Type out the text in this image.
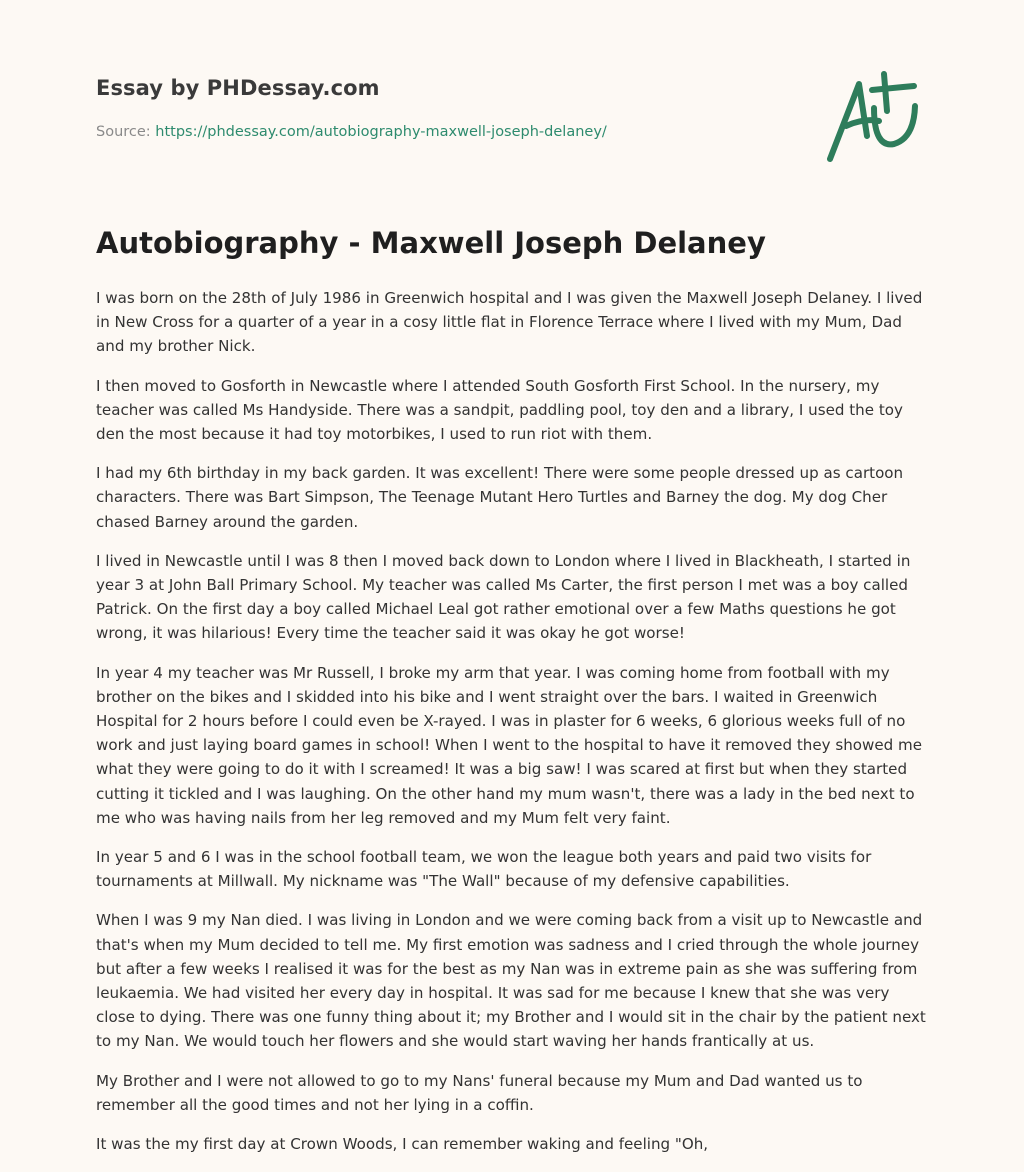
Essay by PHDessay.com
Source: https://phdessay.com/autobiography-maxwell-joseph-delaney/
Autobiography - Maxwell Joseph Delaney

I was born on the 28th of July 1986 in Greenwich hospital and I was given the Maxwell Joseph Delaney. I lived in New Cross for a quarter of a year in a cosy little flat in Florence Terrace where I lived with my Mum, Dad and my brother Nick.

I then moved to Gosforth in Newcastle where I attended South Gosforth First School. In the nursery, my teacher was called Ms Handyside. There was a sandpit, paddling pool, toy den and a library, I used the toy den the most because it had toy motorbikes, I used to run riot with them.

I had my 6th birthday in my back garden. It was excellent! There were some people dressed up as cartoon characters. There was Bart Simpson, The Teenage Mutant Hero Turtles and Barney the dog. My dog Cher chased Barney around the garden.

I lived in Newcastle until I was 8 then I moved back down to London where I lived in Blackheath, I started in year 3 at John Ball Primary School. My teacher was called Ms Carter, the first person I met was a boy called Patrick. On the first day a boy called Michael Leal got rather emotional over a few Maths questions he got wrong, it was hilarious! Every time the teacher said it was okay he got worse!

In year 4 my teacher was Mr Russell, I broke my arm that year. I was coming home from football with my brother on the bikes and I skidded into his bike and I went straight over the bars. I waited in Greenwich Hospital for 2 hours before I could even be X-rayed. I was in plaster for 6 weeks, 6 glorious weeks full of no work and just laying board games in school! When I went to the hospital to have it removed they showed me what they were going to do it with I screamed! It was a big saw! I was scared at first but when they started cutting it tickled and I was laughing. On the other hand my mum wasn't, there was a lady in the bed next to me who was having nails from her leg removed and my Mum felt very faint.

In year 5 and 6 I was in the school football team, we won the league both years and paid two visits for tournaments at Millwall. My nickname was "The Wall" because of my defensive capabilities.

When I was 9 my Nan died. I was living in London and we were coming back from a visit up to Newcastle and that's when my Mum decided to tell me. My first emotion was sadness and I cried through the whole journey but after a few weeks I realised it was for the best as my Nan was in extreme pain as she was suffering from leukaemia. We had visited her every day in hospital. It was sad for me because I knew that she was very close to dying. There was one funny thing about it; my Brother and I would sit in the chair by the patient next to my Nan. We would touch her flowers and she would start waving her hands frantically at us.

My Brother and I were not allowed to go to my Nans' funeral because my Mum and Dad wanted us to remember all the good times and not her lying in a coffin.

It was the my first day at Crown Woods, I can remember waking and feeling "Oh,
